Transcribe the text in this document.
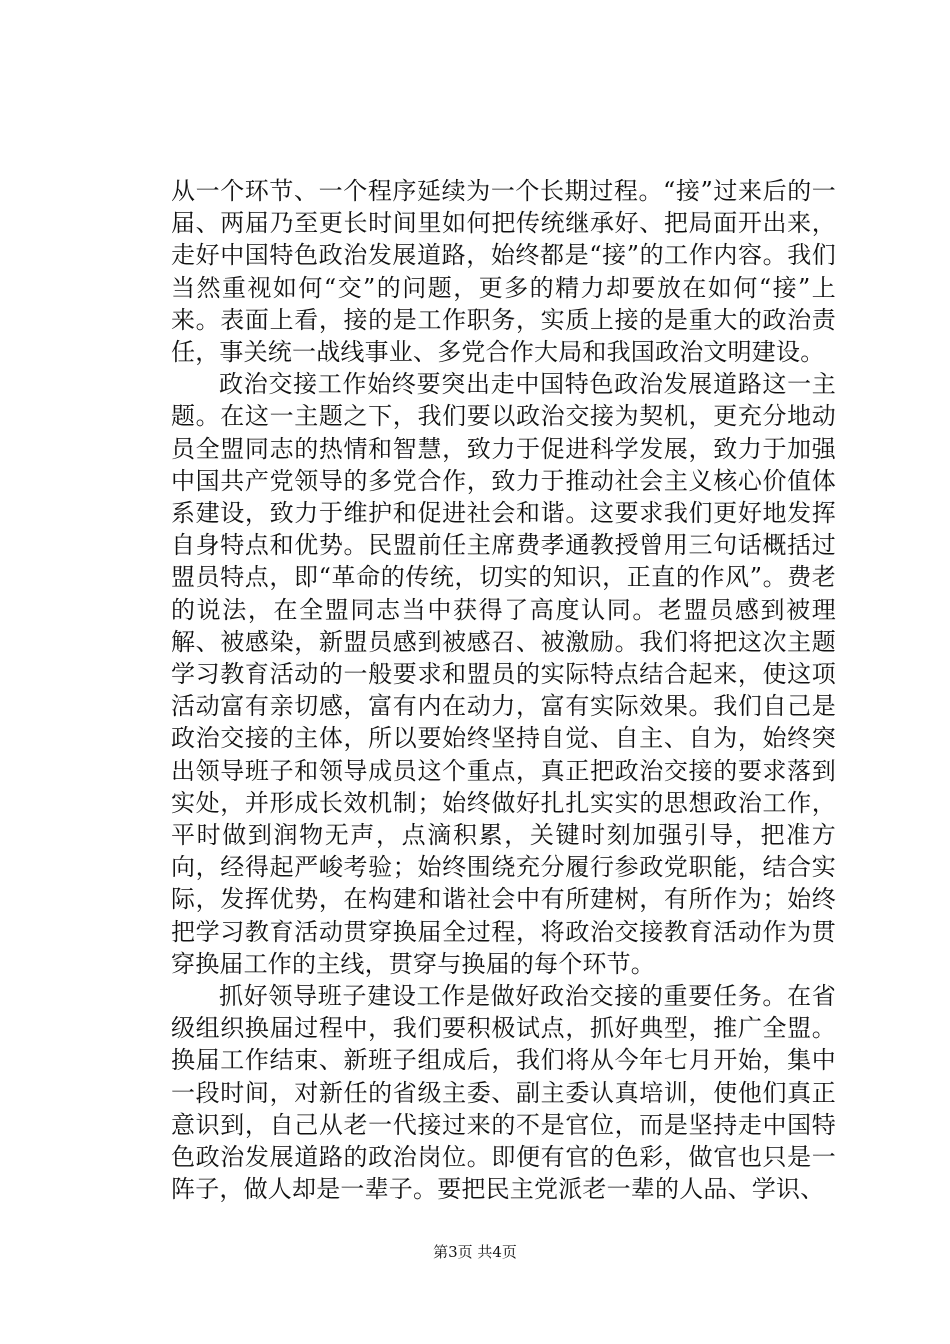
从一个环节、一个程序延续为一个长期过程。“接”过来后的一届、两届乃至更长时间里如何把传统继承好、把局面开出来，走好中国特色政治发展道路，始终都是“接”的工作内容。我们当然重视如何“交”的问题，更多的精力却要放在如何“接”上来。表面上看，接的是工作职务，实质上接的是重大的政治责任，事关统一战线事业、多党合作大局和我国政治文明建设。

政治交接工作始终要突出走中国特色政治发展道路这一主题。在这一主题之下，我们要以政治交接为契机，更充分地动员全盟同志的热情和智慧，致力于促进科学发展，致力于加强中国共产党领导的多党合作，致力于推动社会主义核心价值体系建设，致力于维护和促进社会和谐。这要求我们更好地发挥自身特点和优势。民盟前任主席费孝通教授曾用三句话概括过盟员特点，即“革命的传统，切实的知识，正直的作风”。费老的说法，在全盟同志当中获得了高度认同。老盟员感到被理解、被感染，新盟员感到被感召、被激励。我们将把这次主题学习教育活动的一般要求和盟员的实际特点结合起来，使这项活动富有亲切感，富有内在动力，富有实际效果。我们自己是政治交接的主体，所以要始终坚持自觉、自主、自为，始终突出领导班子和领导成员这个重点，真正把政治交接的要求落到实处，并形成长效机制；始终做好扎扎实实的思想政治工作，平时做到润物无声，点滴积累，关键时刻加强引导，把准方向，经得起严峻考验；始终围绕充分履行参政党职能，结合实际，发挥优势，在构建和谐社会中有所建树，有所作为；始终把学习教育活动贯穿换届全过程，将政治交接教育活动作为贯穿换届工作的主线，贯穿与换届的每个环节。

抓好领导班子建设工作是做好政治交接的重要任务。在省级组织换届过程中，我们要积极试点，抓好典型，推广全盟。换届工作结束、新班子组成后，我们将从今年七月开始，集中一段时间，对新任的省级主委、副主委认真培训，使他们真正意识到，自己从老一代接过来的不是官位，而是坚持走中国特色政治发展道路的政治岗位。即便有官的色彩，做官也只是一阵子，做人却是一辈子。要把民主党派老一辈的人品、学识、

第3页 共4页
